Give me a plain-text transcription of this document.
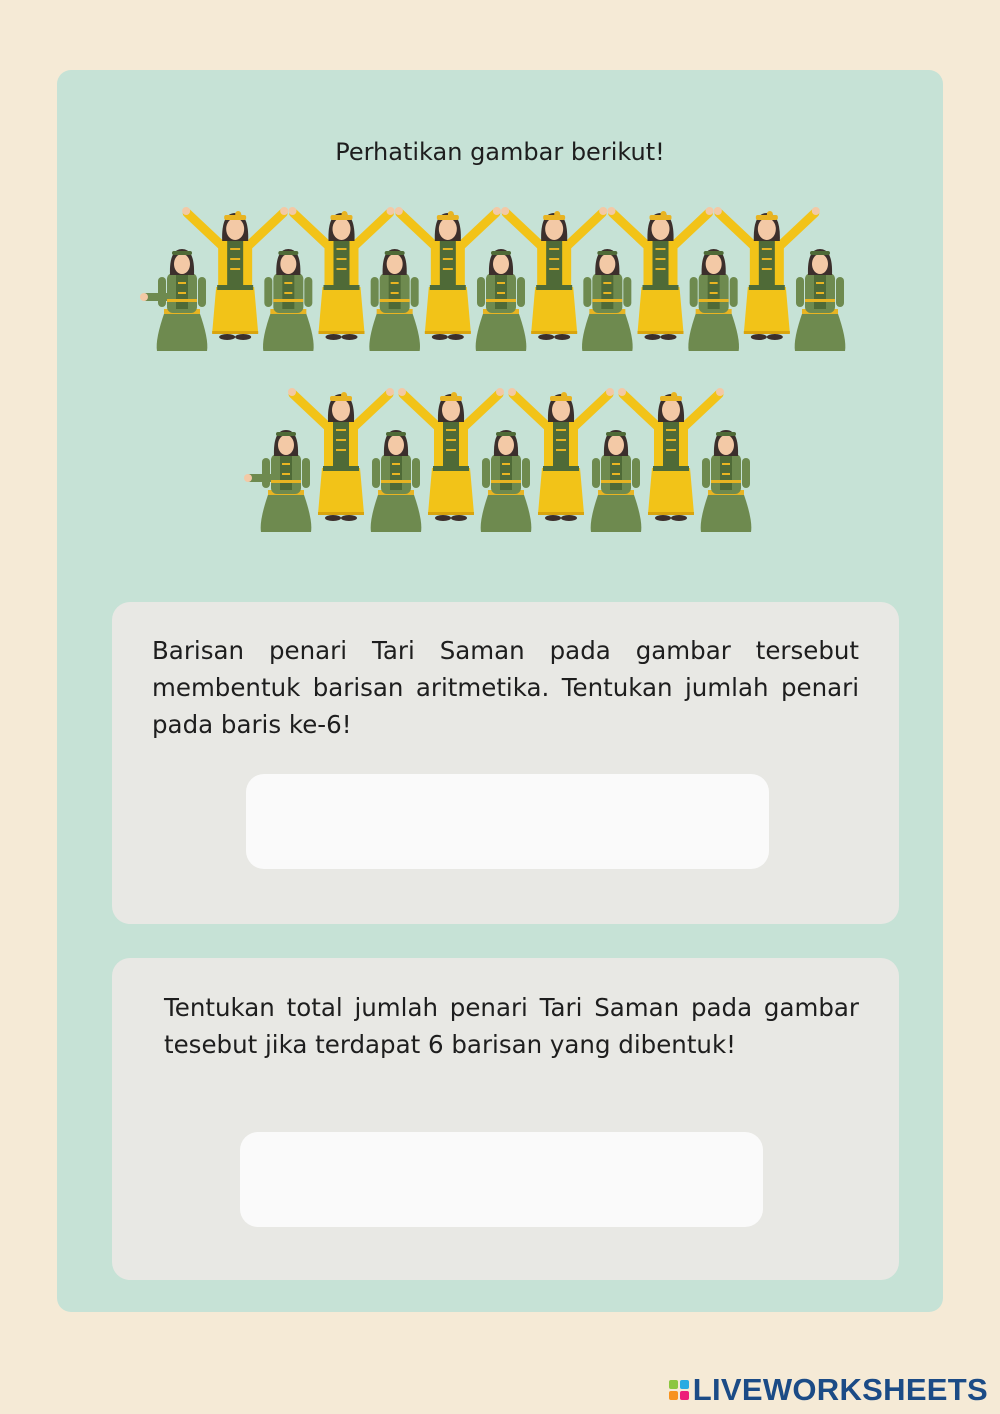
Perhatikan gambar berikut!

Barisan penari Tari Saman pada gambar tersebut membentuk barisan aritmetika. Tentukan jumlah penari pada baris ke-6!

Tentukan total jumlah penari Tari Saman pada gambar tesebut jika terdapat 6 barisan yang dibentuk!

LIVEWORKSHEETS
